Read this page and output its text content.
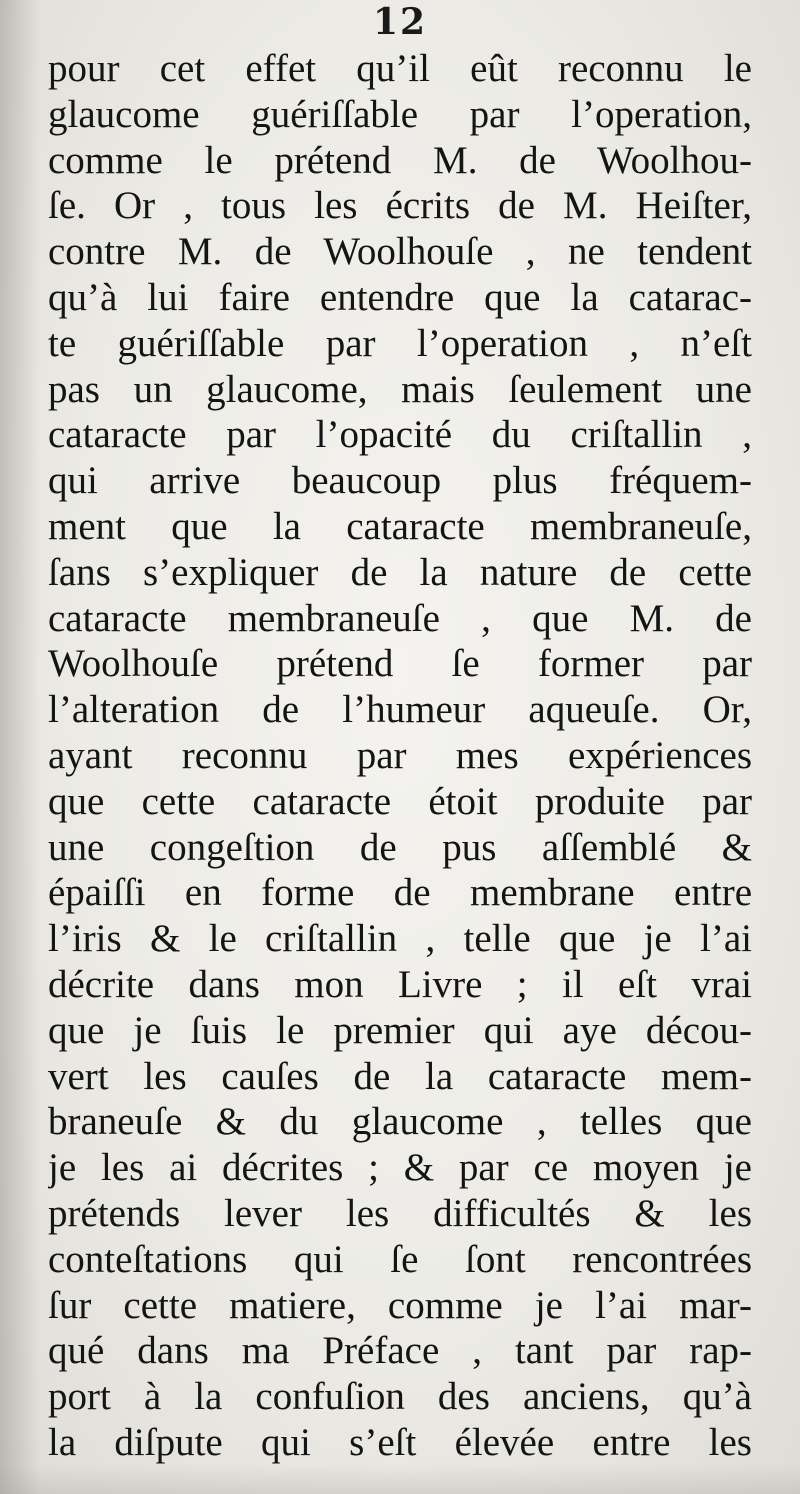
12
pour cet effet qu’il eût reconnu le
glaucome guériſſable par l’operation,
comme le prétend M. de Woolhou-
ſe. Or , tous les écrits de M. Heiſter,
contre M. de Woolhouſe , ne tendent
qu’à lui faire entendre que la catarac-
te guériſſable par l’operation , n’eſt
pas un glaucome, mais ſeulement une
cataracte par l’opacité du criſtallin ,
qui arrive beaucoup plus fréquem-
ment que la cataracte membraneuſe,
ſans s’expliquer de la nature de cette
cataracte membraneuſe , que M. de
Woolhouſe prétend ſe former par
l’alteration de l’humeur aqueuſe. Or,
ayant reconnu par mes expériences
que cette cataracte étoit produite par
une congeſtion de pus aſſemblé &
épaiſſi en forme de membrane entre
l’iris & le criſtallin , telle que je l’ai
décrite dans mon Livre ; il eſt vrai
que je ſuis le premier qui aye décou-
vert les cauſes de la cataracte mem-
braneuſe & du glaucome , telles que
je les ai décrites ; & par ce moyen je
prétends lever les difficultés & les
conteſtations qui ſe ſont rencontrées
ſur cette matiere, comme je l’ai mar-
qué dans ma Préface , tant par rap-
port à la confuſion des anciens, qu’à
la diſpute qui s’eſt élevée entre les
